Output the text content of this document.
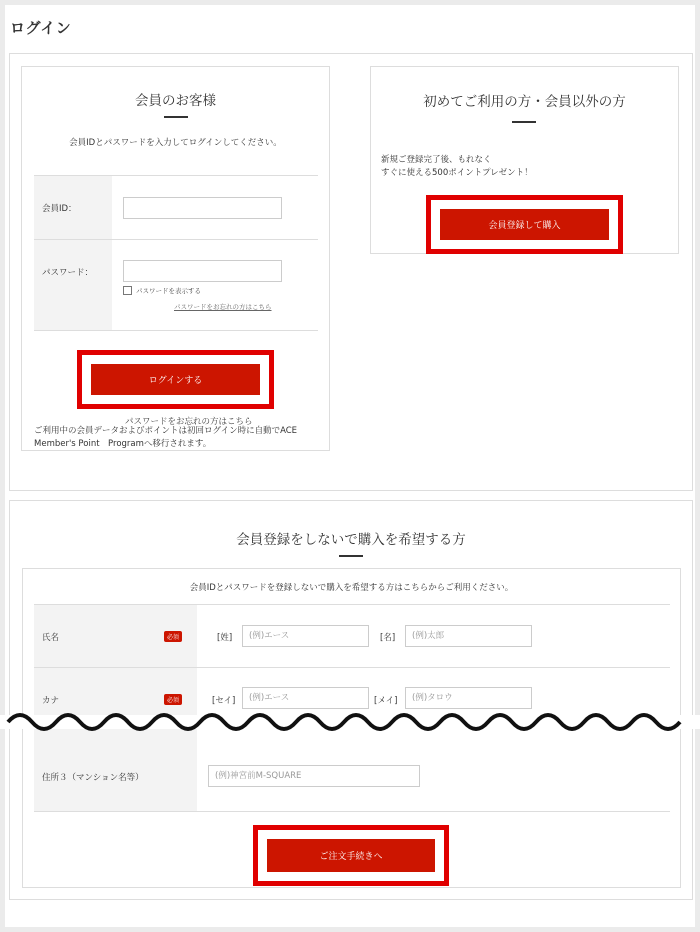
ログイン
会員のお客様
会員IDとパスワードを入力してログインしてください。
会員ID：
パスワード：
パスワードを表示する
パスワードをお忘れの方はこちら
パスワードをお忘れの方はこちら
ログインする
ご利用中の会員データおよびポイントは初回ログイン時に自動でACE Member's Point　Programへ移行されます。
初めてご利用の方・会員以外の方
新規ご登録完了後、もれなく
すぐに使える500ポイントプレゼント！
会員登録して購入
会員登録をしないで購入を希望する方
会員IDとパスワードを登録しないで購入を希望する方はこちらからご利用ください。
氏名	必須	[姓]	(例)エース	[名]	(例)太郎
カナ	必須	[セイ]	(例)エース	[メイ]	(例)タロウ
住所３（マンション名等）	(例)神宮前M-SQUARE
ご注文手続きへ
